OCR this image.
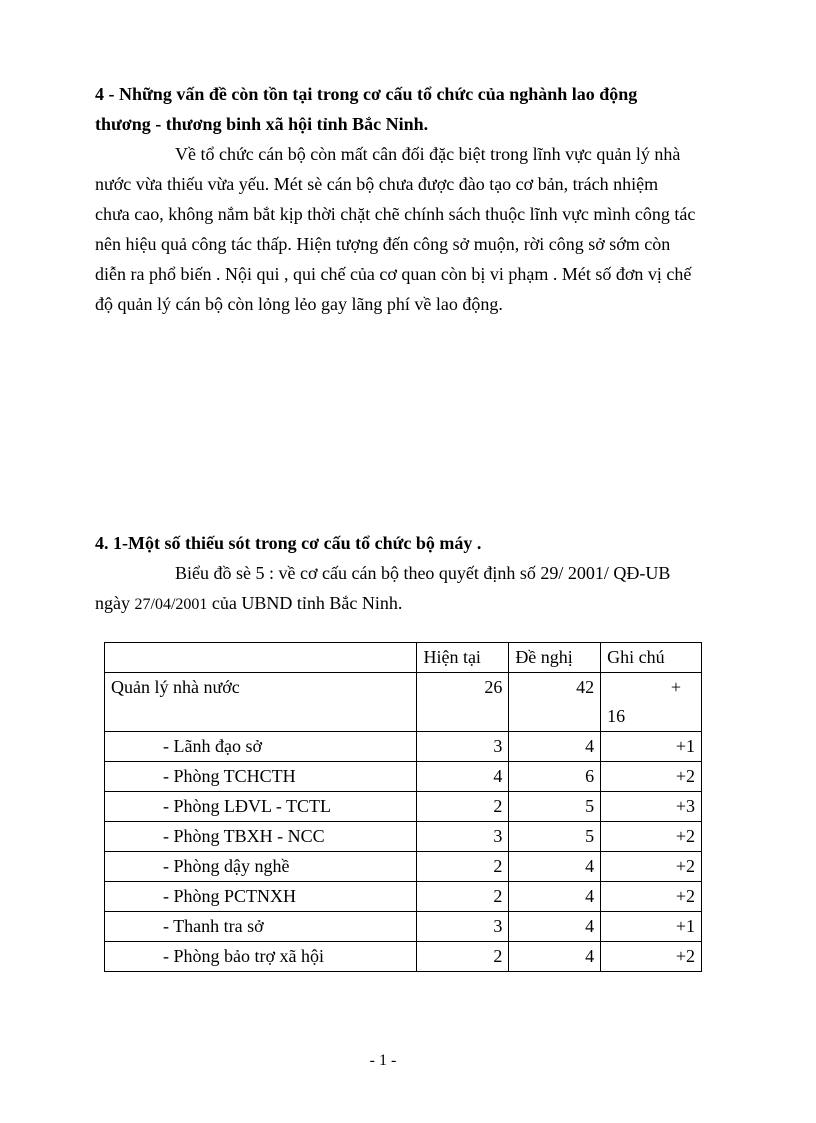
4 - Những vấn đề còn tồn tại trong cơ cấu tổ chức của nghành lao động
thương - thương binh xã hội tỉnh Bắc Ninh.
Về tổ chức cán bộ còn mất cân đối đặc biệt trong lĩnh vực quản lý nhà
nước vừa thiếu vừa yếu. Mét sè cán bộ chưa được đào tạo cơ bản, trách nhiệm
chưa cao, không nắm bắt kịp thời chặt chẽ chính sách thuộc lĩnh vực mình công tác
nên hiệu quả công tác thấp. Hiện tượng đến công sở muộn, rời công sở sớm còn
diễn ra phổ biến . Nội qui , qui chế của cơ quan còn bị vi phạm . Mét số đơn vị chế
độ quản lý cán bộ còn lỏng lẻo gay lãng phí về lao động.
4. 1-Một số thiếu sót trong cơ cấu tổ chức bộ máy .
Biểu đồ sè 5 : về cơ cấu cán bộ theo quyết định số 29/ 2001/ QĐ-UB
ngày 27/04/2001 của UBND tỉnh Bắc Ninh.
	Hiện tại	Đề nghị	Ghi chú
Quản lý nhà nước	26	42	+
16

- Lãnh đạo sở	3	4	+1
- Phòng TCHCTH	4	6	+2
- Phòng LĐVL - TCTL	2	5	+3
- Phòng TBXH - NCC	3	5	+2
- Phòng dậy nghề	2	4	+2
- Phòng PCTNXH	2	4	+2
- Thanh tra sở	3	4	+1
- Phòng bảo trợ xã hội	2	4	+2
- 1 -
